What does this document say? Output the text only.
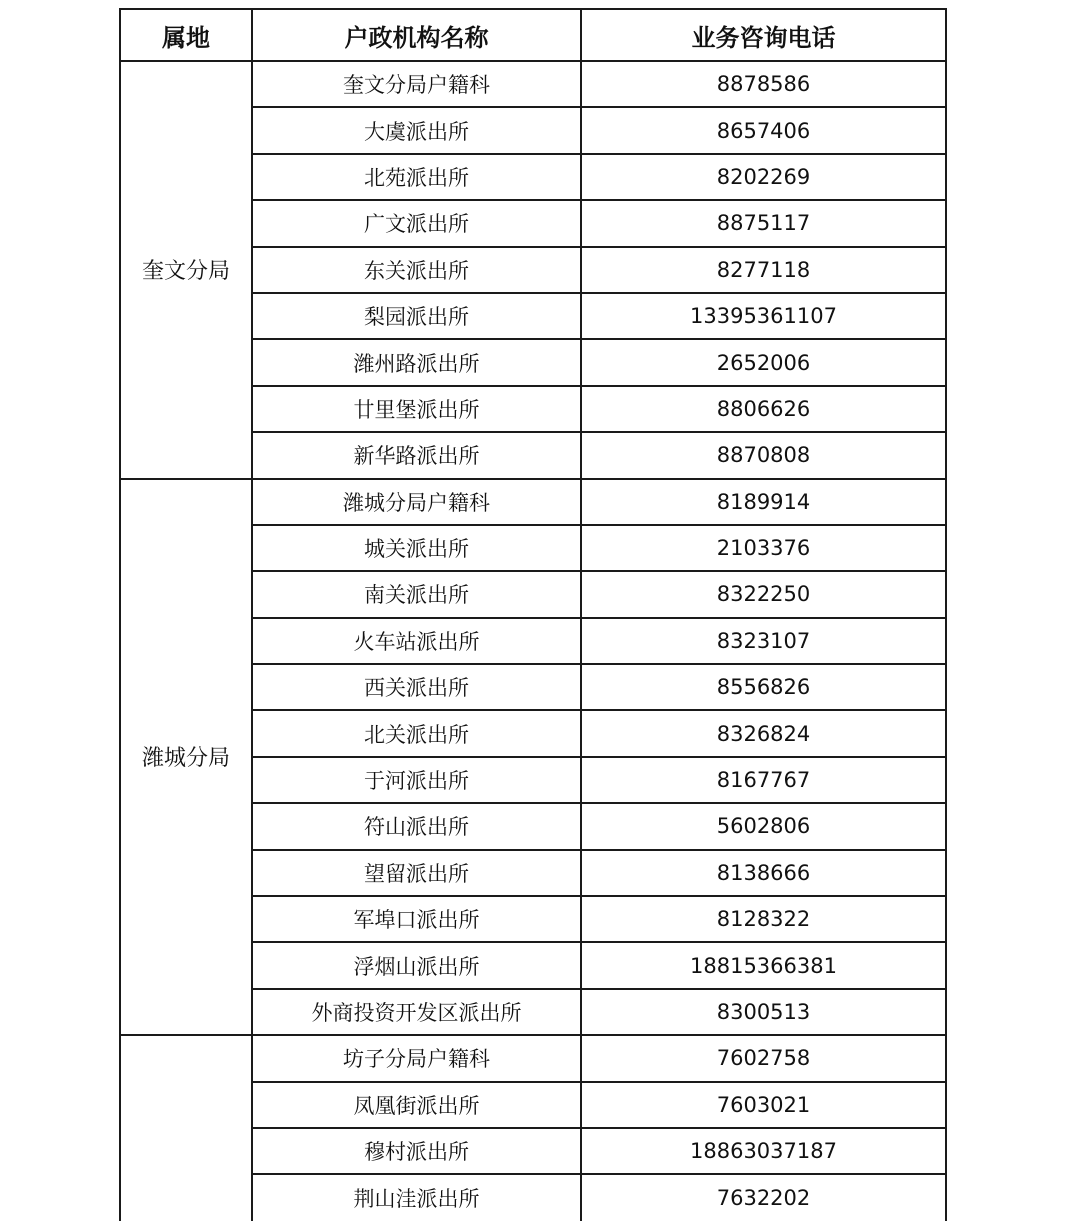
属地	户政机构名称	业务咨询电话
奎文分局	奎文分局户籍科	8878586
	大虞派出所	8657406
	北苑派出所	8202269
	广文派出所	8875117
	东关派出所	8277118
	梨园派出所	13395361107
	潍州路派出所	2652006
	廿里堡派出所	8806626
	新华路派出所	8870808
潍城分局	潍城分局户籍科	8189914
	城关派出所	2103376
	南关派出所	8322250
	火车站派出所	8323107
	西关派出所	8556826
	北关派出所	8326824
	于河派出所	8167767
	符山派出所	5602806
	望留派出所	8138666
	军埠口派出所	8128322
	浮烟山派出所	18815366381
	外商投资开发区派出所	8300513
	坊子分局户籍科	7602758
	凤凰街派出所	7603021
	穆村派出所	18863037187
	荆山洼派出所	7632202
